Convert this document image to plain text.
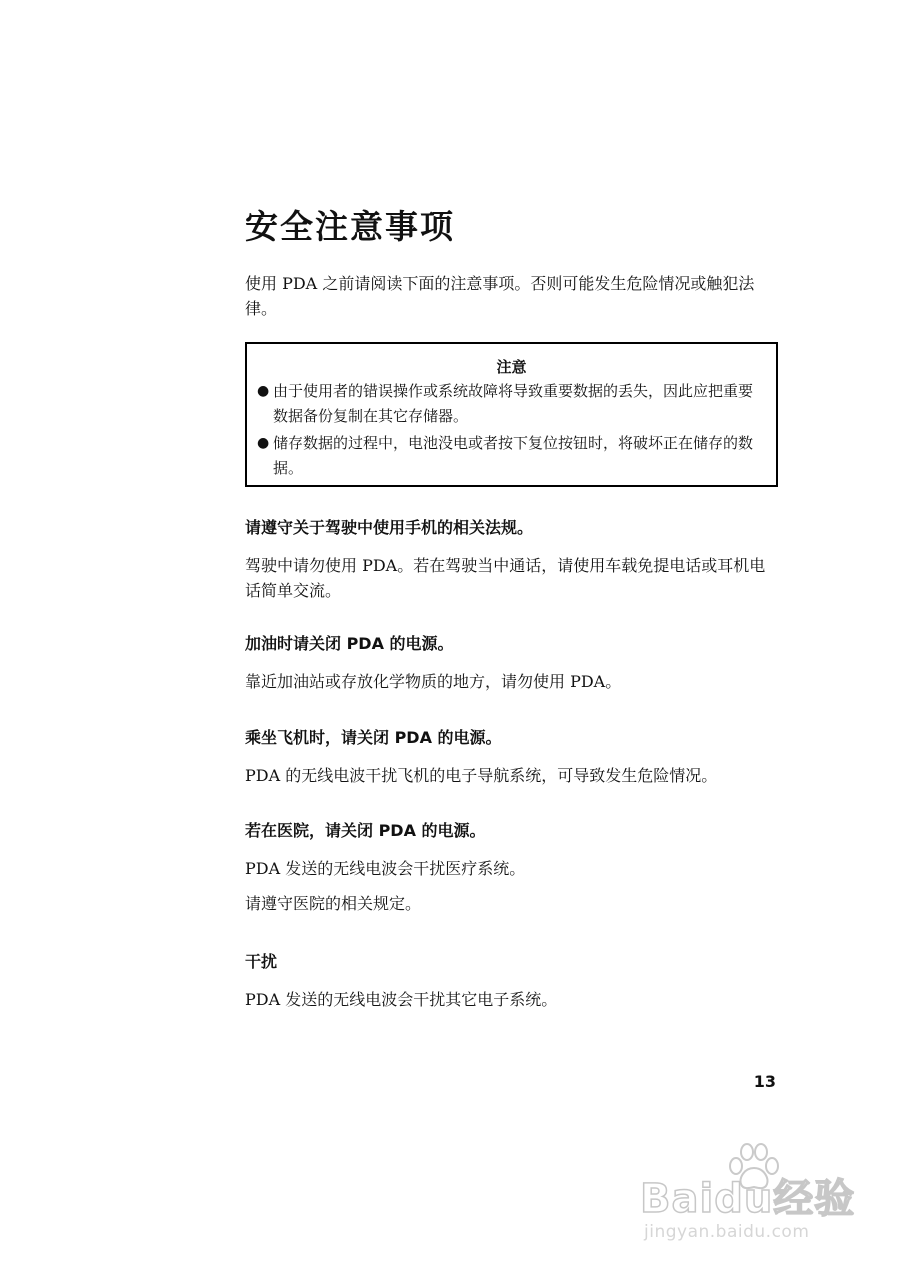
安全注意事项

使用 PDA 之前请阅读下面的注意事项。否则可能发生危险情况或触犯法律。

注意
● 由于使用者的错误操作或系统故障将导致重要数据的丢失，因此应把重要数据备份复制在其它存储器。
● 储存数据的过程中，电池没电或者按下复位按钮时，将破坏正在储存的数据。
请遵守关于驾驶中使用手机的相关法规。

驾驶中请勿使用 PDA。若在驾驶当中通话，请使用车载免提电话或耳机电话简单交流。

加油时请关闭 PDA 的电源。

靠近加油站或存放化学物质的地方，请勿使用 PDA。

乘坐飞机时，请关闭 PDA 的电源。

PDA 的无线电波干扰飞机的电子导航系统，可导致发生危险情况。

若在医院，请关闭 PDA 的电源。

PDA 发送的无线电波会干扰医疗系统。

请遵守医院的相关规定。

干扰

PDA 发送的无线电波会干扰其它电子系统。

13
Baidu经验
jingyan.baidu.com
